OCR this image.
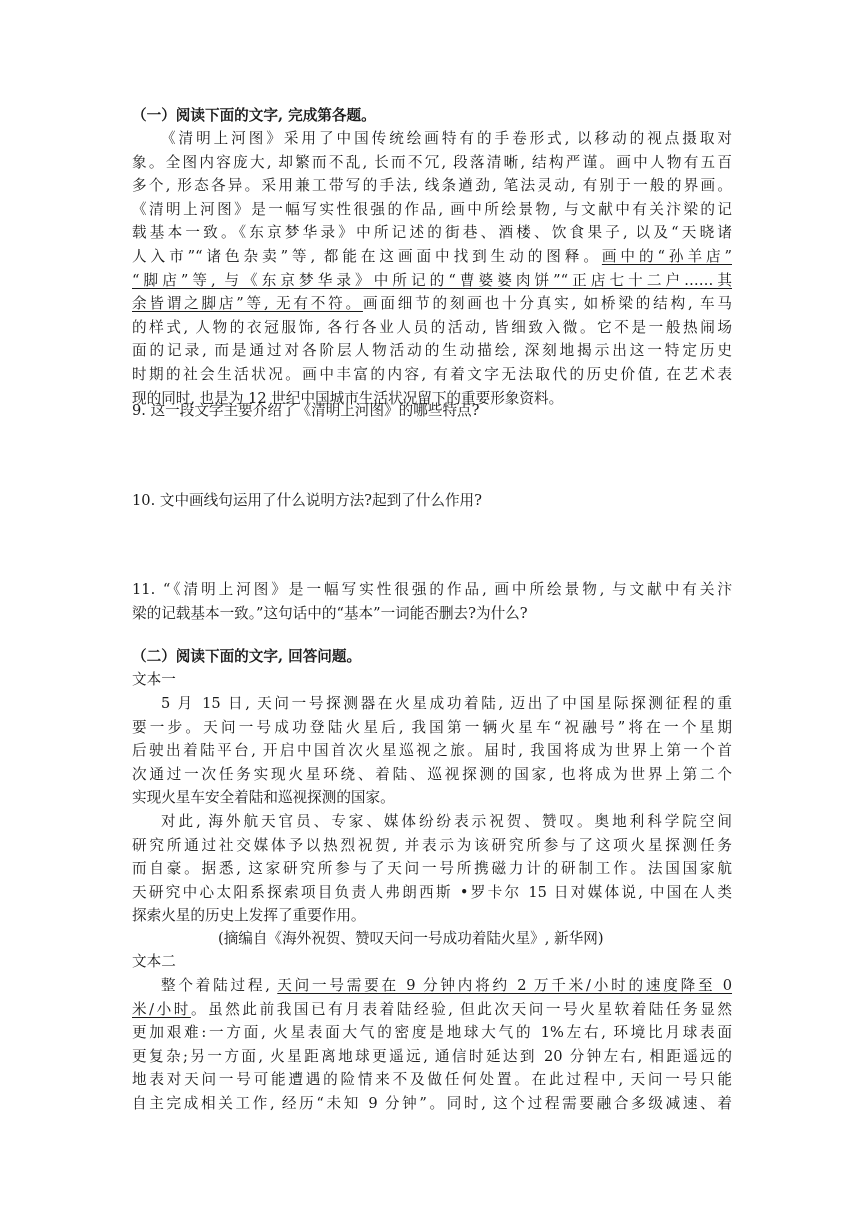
（一）阅读下面的文字, 完成第各题。
《清明上河图》采用了中国传统绘画特有的手卷形式, 以移动的视点摄取对
象。全图内容庞大, 却繁而不乱, 长而不冗, 段落清晰, 结构严谨。画中人物有五百
多个, 形态各异。采用兼工带写的手法, 线条遒劲, 笔法灵动, 有别于一般的界画。
《清明上河图》是一幅写实性很强的作品, 画中所绘景物, 与文献中有关汴梁的记
载基本一致。《东京梦华录》中所记述的街巷、酒楼、饮食果子, 以及“天晓诸
人入市”“诸色杂卖”等, 都能在这画面中找到生动的图释。画中的“孙羊店”
“脚店”等, 与《东京梦华录》中所记的“曹婆婆肉饼”“正店七十二户……其
余皆谓之脚店”等, 无有不符。画面细节的刻画也十分真实, 如桥梁的结构, 车马
的样式, 人物的衣冠服饰, 各行各业人员的活动, 皆细致入微。它不是一般热闹场
面的记录, 而是通过对各阶层人物活动的生动描绘, 深刻地揭示出这一特定历史
时期的社会生活状况。画中丰富的内容, 有着文字无法取代的历史价值, 在艺术表
现的同时, 也是为 12 世纪中国城市生活状况留下的重要形象资料。
9. 这一段文字主要介绍了《清明上河图》的哪些特点?
10. 文中画线句运用了什么说明方法?起到了什么作用?
11. “《清明上河图》是一幅写实性很强的作品, 画中所绘景物, 与文献中有关汴
梁的记载基本一致。”这句话中的“基本”一词能否删去?为什么?
（二）阅读下面的文字, 回答问题。
文本一
5 月 15 日, 天问一号探测器在火星成功着陆, 迈出了中国星际探测征程的重
要一步。天问一号成功登陆火星后, 我国第一辆火星车“祝融号”将在一个星期
后驶出着陆平台, 开启中国首次火星巡视之旅。届时, 我国将成为世界上第一个首
次通过一次任务实现火星环绕、着陆、巡视探测的国家, 也将成为世界上第二个
实现火星车安全着陆和巡视探测的国家。
对此, 海外航天官员、专家、媒体纷纷表示祝贺、赞叹。奥地利科学院空间
研究所通过社交媒体予以热烈祝贺, 并表示为该研究所参与了这项火星探测任务
而自豪。据悉, 这家研究所参与了天问一号所携磁力计的研制工作。法国国家航
天研究中心太阳系探索项目负责人弗朗西斯 •罗卡尔 15 日对媒体说, 中国在人类
探索火星的历史上发挥了重要作用。
(摘编自《海外祝贺、赞叹天问一号成功着陆火星》, 新华网)
文本二
整个着陆过程, 天问一号需要在 9 分钟内将约 2 万千米/小时的速度降至 0
米/小时。虽然此前我国已有月表着陆经验, 但此次天问一号火星软着陆任务显然
更加艰难:一方面, 火星表面大气的密度是地球大气的 1%左右, 环境比月球表面
更复杂;另一方面, 火星距离地球更遥远, 通信时延达到 20 分钟左右, 相距遥远的
地表对天问一号可能遭遇的险情来不及做任何处置。在此过程中, 天问一号只能
自主完成相关工作, 经历“未知 9 分钟”。同时, 这个过程需要融合多级减速、着
